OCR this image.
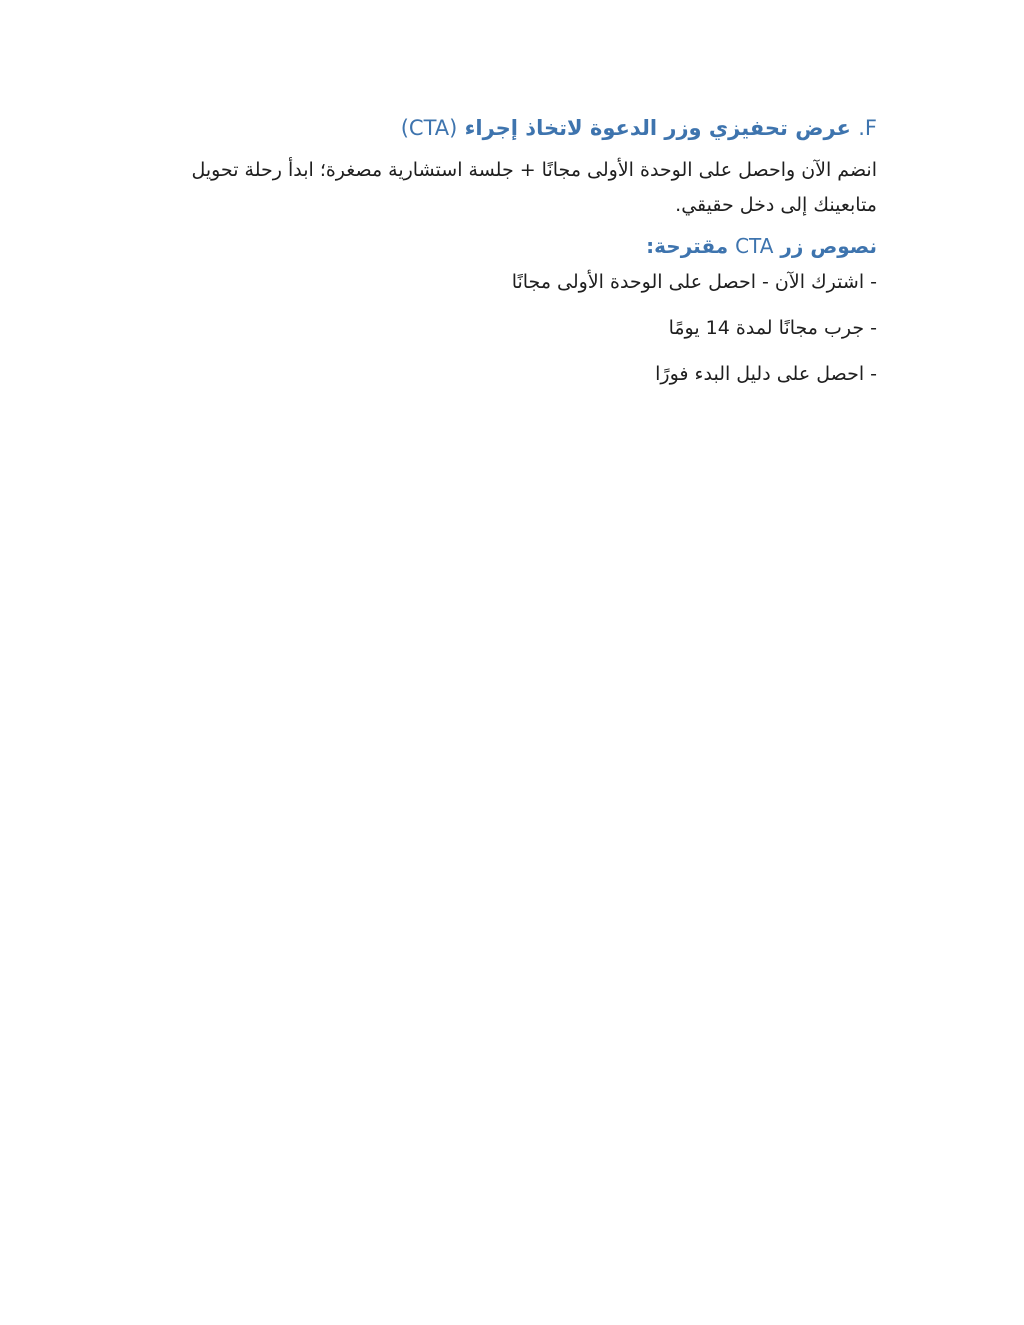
F. عرض تحفيزي وزر الدعوة لاتخاذ إجراء (CTA)

انضم الآن واحصل على الوحدة الأولى مجانًا + جلسة استشارية مصغرة؛ ابدأ رحلة تحويل متابعينك إلى دخل حقيقي.

نصوص زر CTA مقترحة:

- اشترك الآن - احصل على الوحدة الأولى مجانًا

- جرب مجانًا لمدة 14 يومًا

- احصل على دليل البدء فورًا
